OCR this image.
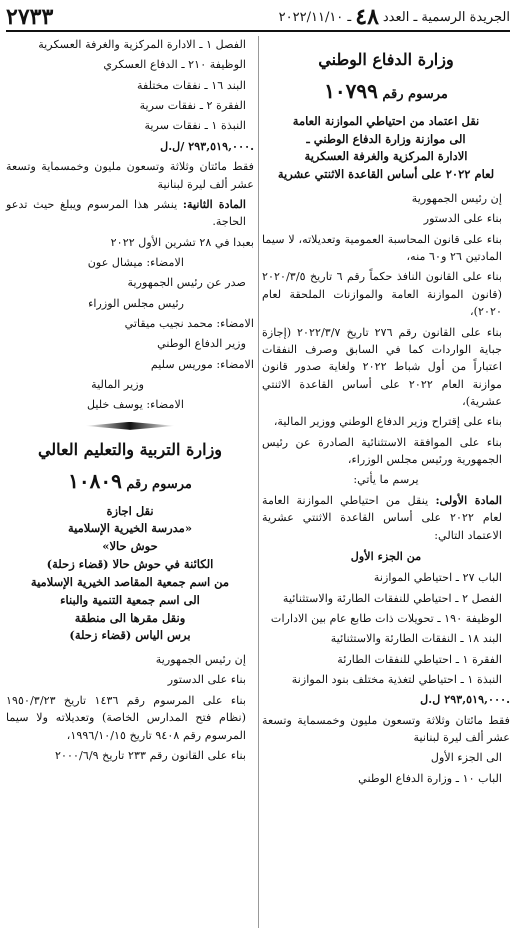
الجريدة الرسمية ـ العدد
٤٨
ـ ٢٠٢٢/١١/١٠
٢٧٣٣
وزارة الدفاع الوطني
مرسوم رقم ١٠٧٩٩
نقل اعتماد من احتياطي الموازنة العامة
الى موازنة وزارة الدفاع الوطني ـ
الادارة المركزية والغرفة العسكرية
لعام ٢٠٢٢ على أساس القاعدة الاثنتي عشرية

إن رئيس الجمهورية

بناء على الدستور

بناء على قانون المحاسبة العمومية وتعديلاته، لا سيما المادتين ٢٦ و٦٠ منه،

بناء على القانون النافذ حكماً رقم ٦ تاريخ ٢٠٢٠/٣/٥ (قانون الموازنة العامة والموازنات الملحقة لعام ٢٠٢٠)،

بناء على القانون رقم ٢٧٦ تاريخ ٢٠٢٢/٣/٧ (إجازة جباية الواردات كما في السابق وصرف النفقات اعتباراً من أول شباط ٢٠٢٢ ولغاية صدور قانون موازنة العام ٢٠٢٢ على أساس القاعدة الاثنتي عشرية)،

بناء على إقتراح وزير الدفاع الوطني ووزير المالية،

بناء على الموافقة الاستثنائية الصادرة عن رئيس الجمهورية ورئيس مجلس الوزراء،

يرسم ما يأتي:

المادة الأولى: ينقل من احتياطي الموازنة العامة لعام ٢٠٢٢ على أساس القاعدة الاثنتي عشرية الاعتماد التالي:

من الجزء الأول

الباب ٢٧ ـ احتياطي الموازنة

الفصل ٢ ـ احتياطي للنفقات الطارئة والاستثنائية

الوظيفة ١٩٠ ـ تحويلات ذات طابع عام بين الادارات

البند ١٨ ـ النفقات الطارئة والاستثنائية

الفقرة ١ ـ احتياطي للنفقات الطارئة

النبذة ١ ـ احتياطي لتغذية مختلف بنود الموازنة

٢٩٣,٥١٩,٠٠٠ ل.ل.

فقط مائتان وثلاثة وتسعون مليون وخمسماية وتسعة عشر ألف ليرة لبنانية

الى الجزء الأول

الباب ١٠ ـ وزارة الدفاع الوطني

الفصل ١ ـ الادارة المركزية والغرفة العسكرية

الوظيفة ٢١٠ ـ الدفاع العسكري

البند ١٦ ـ نفقات مختلفة

الفقرة ٢ ـ نفقات سرية

النبذة ١ ـ نفقات سرية

٢٩٣,٥١٩,٠٠٠ /ل.ل.

فقط مائتان وثلاثة وتسعون مليون وخمسماية وتسعة عشر ألف ليرة لبنانية

المادة الثانية: ينشر هذا المرسوم ويبلغ حيث تدعو الحاجة.

بعبدا في ٢٨ تشرين الأول ٢٠٢٢

الامضاء: ميشال عون

صدر عن رئيس الجمهورية

رئيس مجلس الوزراء

الامضاء: محمد نجيب ميقاتي

وزير الدفاع الوطني

الامضاء: موريس سليم

وزير المالية

الامضاء: يوسف خليل

وزارة التربية والتعليم العالي
مرسوم رقم ١٠٨٠٩
نقل اجازة
«مدرسة الخيرية الإسلامية
حوش حالا»
الكائنة في حوش حالا (قضاء زحلة)
من اسم جمعية المقاصد الخيرية الإسلامية
الى اسم جمعية التنمية والبناء
ونقل مقرها الى منطقة
برس الياس (قضاء زحلة)

إن رئيس الجمهورية

بناء على الدستور

بناء على المرسوم رقم ١٤٣٦ تاريخ ١٩٥٠/٣/٢٣ (نظام فتح المدارس الخاصة) وتعديلاته ولا سيما المرسوم رقم ٩٤٠٨ تاريخ ١٩٩٦/١٠/١٥،

بناء على القانون رقم ٢٣٣ تاريخ ٢٠٠٠/٦/٩
